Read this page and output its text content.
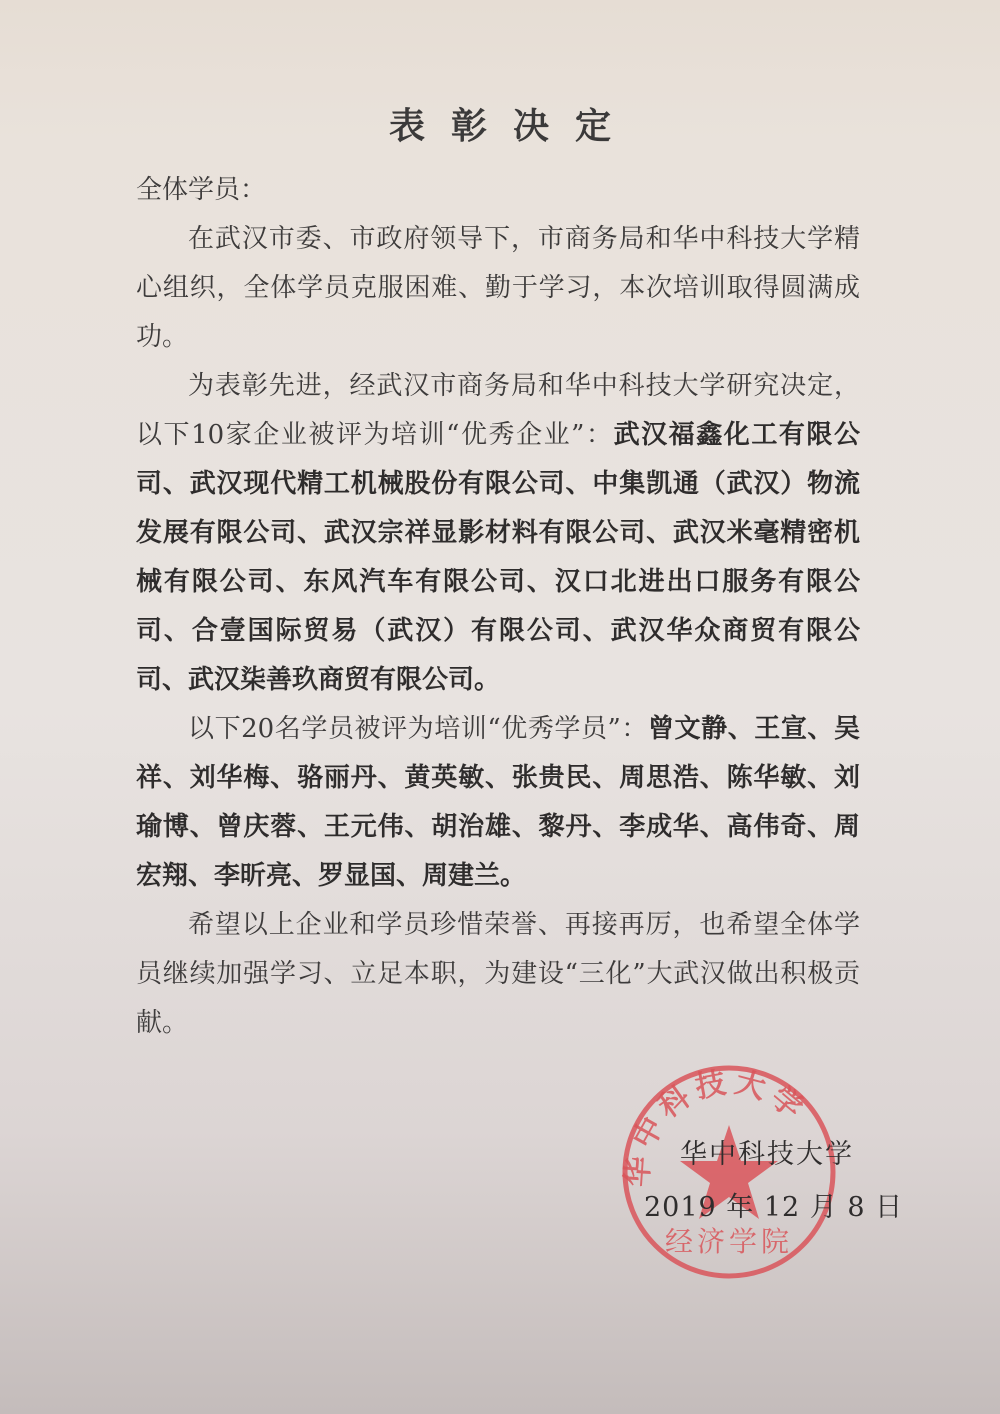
表彰决定

全体学员：

在武汉市委、市政府领导下，市商务局和华中科技大学精心组织，全体学员克服困难、勤于学习，本次培训取得圆满成功。

为表彰先进，经武汉市商务局和华中科技大学研究决定，以下10家企业被评为培训“优秀企业”：武汉福鑫化工有限公司、武汉现代精工机械股份有限公司、中集凯通（武汉）物流发展有限公司、武汉宗祥显影材料有限公司、武汉米毫精密机械有限公司、东风汽车有限公司、汉口北进出口服务有限公司、合壹国际贸易（武汉）有限公司、武汉华众商贸有限公司、武汉柒善玖商贸有限公司。

以下20名学员被评为培训“优秀学员”：曾文静、王宣、吴祥、刘华梅、骆丽丹、黄英敏、张贵民、周思浩、陈华敏、刘瑜博、曾庆蓉、王元伟、胡治雄、黎丹、李成华、高伟奇、周宏翔、李昕亮、罗显国、周建兰。

希望以上企业和学员珍惜荣誉、再接再厉，也希望全体学员继续加强学习、立足本职，为建设“三化”大武汉做出积极贡献。

华中科技大学
经济学院
华中科技大学
2019 年 12 月 8 日
